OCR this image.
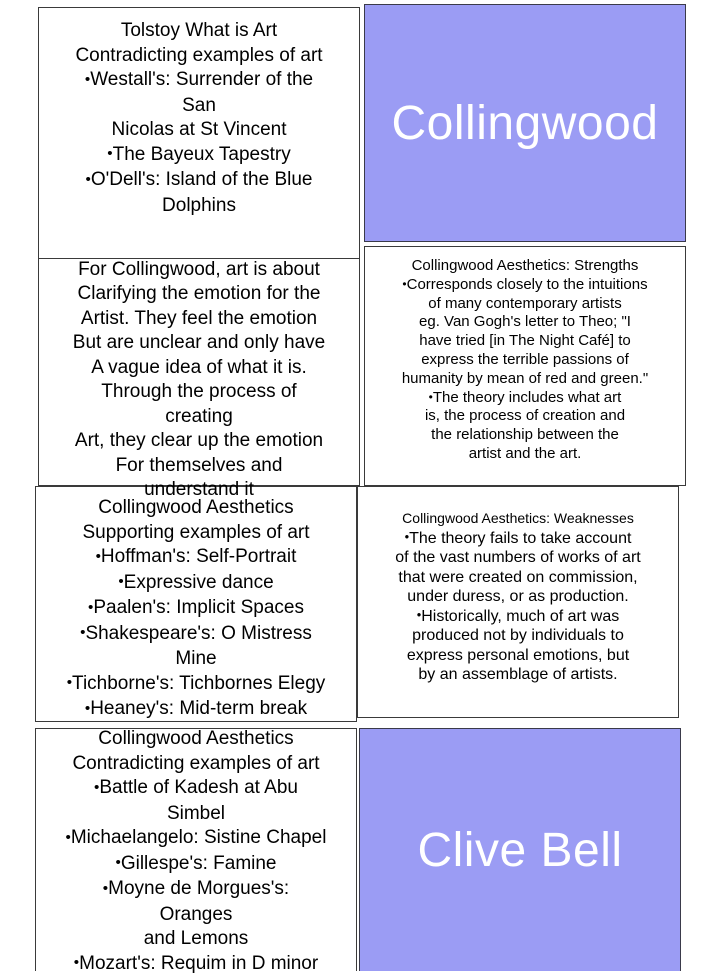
Tolstoy What is Art
Contradicting examples of art
• Westall's: Surrender of the
San
Nicolas at St Vincent
• The Bayeux Tapestry
• O'Dell's: Island of the Blue
Dolphins
Collingwood
For Collingwood, art is about
Clarifying the emotion for the
Artist. They feel the emotion
But are unclear and only have
A vague idea of what it is.
Through the process of
creating
Art, they clear up the emotion
For themselves and
understand it
Collingwood Aesthetics: Strengths
• Corresponds closely to the intuitions
of many contemporary artists
eg. Van Gogh's letter to Theo; "I
have tried [in The Night Café] to
express the terrible passions of
humanity by mean of red and green."
• The theory includes what art
is, the process of creation and
the relationship between the
artist and the art.
Collingwood Aesthetics
Supporting examples of art
• Hoffman's: Self-Portrait
• Expressive dance
• Paalen's: Implicit Spaces
• Shakespeare's: O Mistress
Mine
• Tichborne's: Tichbornes Elegy
• Heaney's: Mid-term break
Collingwood Aesthetics: Weaknesses
• The theory fails to take account
of the vast numbers of works of art
that were created on commission,
under duress, or as production.
• Historically, much of art was
produced not by individuals to
express personal emotions, but
by an assemblage of artists.
Collingwood Aesthetics
Contradicting examples of art
• Battle of Kadesh at Abu
Simbel
• Michaelangelo: Sistine Chapel
• Gillespe's: Famine
• Moyne de Morgues's:
Oranges
and Lemons
• Mozart's: Requim in D minor
Clive Bell
